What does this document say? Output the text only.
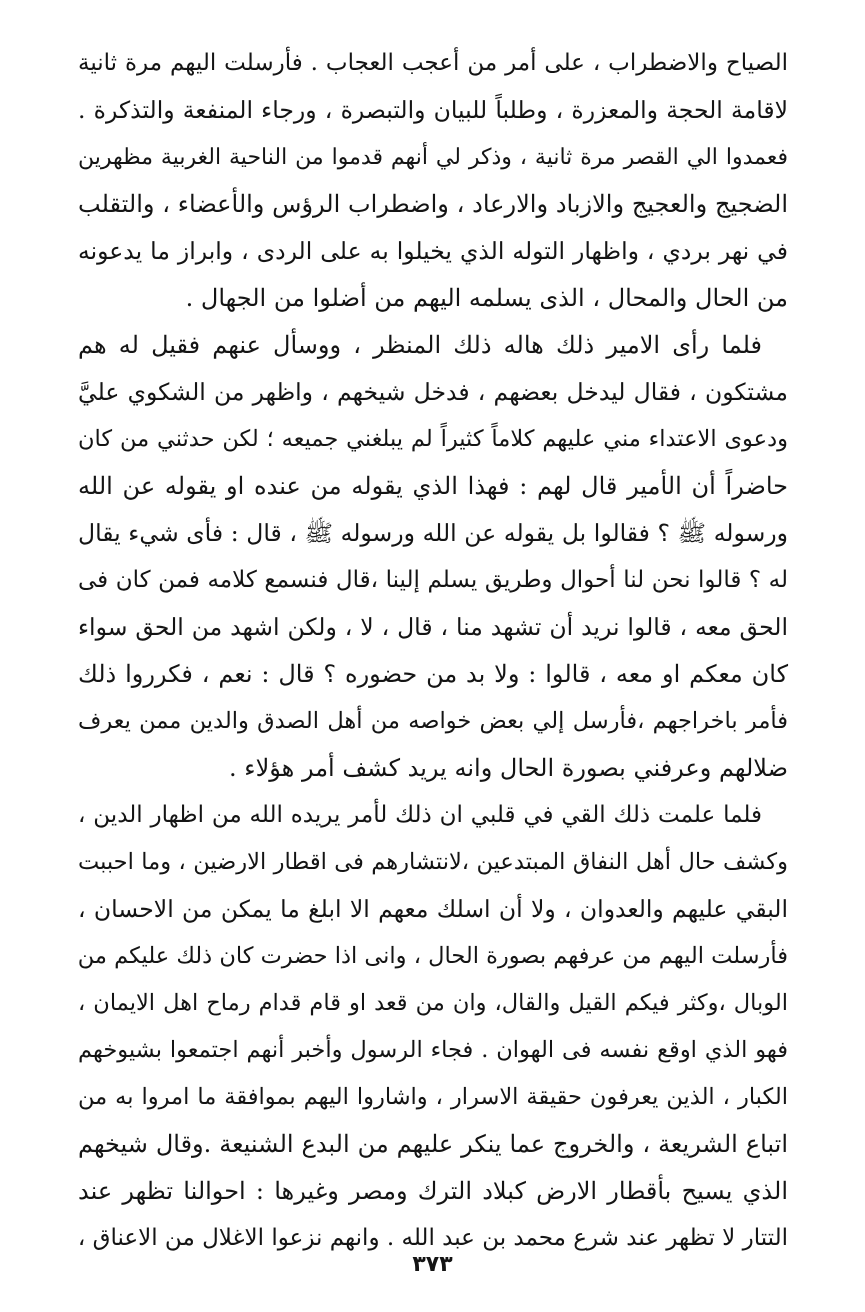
الصياح والاضطراب ، على أمر من أعجب العجاب . فأرسلت اليهم مرة ثانية
لاقامة الحجة والمعزرة ، وطلباً للبيان والتبصرة ، ورجاء المنفعة والتذكرة .
فعمدوا الي القصر مرة ثانية ، وذكر لي أنهم قدموا من الناحية الغربية مظهرين
الضجيج والعجيج والازباد والارعاد ، واضطراب الرؤس والأعضاء ، والتقلب
في نهر بردي ، واظهار التوله الذي يخيلوا به على الردى ، وابراز ما يدعونه
من الحال والمحال ، الذى يسلمه اليهم من أضلوا من الجهال .
فلما رأى الامير ذلك هاله ذلك المنظر ، ووسأل عنهم فقيل له هم
مشتكون ، فقال ليدخل بعضهم ، فدخل شيخهم ، واظهر من الشكوي عليَّ
ودعوى الاعتداء مني عليهم كلاماً كثيراً لم يبلغني جميعه ؛ لكن حدثني من كان
حاضراً أن الأمير قال لهم : فهذا الذي يقوله من عنده او يقوله عن الله
ورسوله ﷺ ؟ فقالوا بل يقوله عن الله ورسوله ﷺ ، قال : فأى شيء يقال
له ؟ قالوا نحن لنا أحوال وطريق يسلم إلينا ،قال فنسمع كلامه فمن كان فى
الحق معه ، قالوا نريد أن تشهد منا ، قال ، لا ، ولكن اشهد من الحق سواء
كان معكم او معه ، قالوا : ولا بد من حضوره ؟ قال : نعم ، فكرروا ذلك
فأمر باخراجهم ،فأرسل إلي بعض خواصه من أهل الصدق والدين ممن يعرف
ضلالهم وعرفني بصورة الحال وانه يريد كشف أمر هؤلاء .
فلما علمت ذلك القي في قلبي ان ذلك لأمر يريده الله من اظهار الدين ،
وكشف حال أهل النفاق المبتدعين ،لانتشارهم فى اقطار الارضين ، وما احببت
البقي عليهم والعدوان ، ولا أن اسلك معهم الا ابلغ ما يمكن من الاحسان ،
فأرسلت اليهم من عرفهم بصورة الحال ، وانى اذا حضرت كان ذلك عليكم من
الوبال ،وكثر فيكم القيل والقال، وان من قعد او قام قدام رماح اهل الايمان ،
فهو الذي اوقع نفسه فى الهوان . فجاء الرسول وأخبر أنهم اجتمعوا بشيوخهم
الكبار ، الذين يعرفون حقيقة الاسرار ، واشاروا اليهم بموافقة ما امروا به من
اتباع الشريعة ، والخروج عما ينكر عليهم من البدع الشنيعة .وقال شيخهم
الذي يسيح بأقطار الارض كبلاد الترك ومصر وغيرها : احوالنا تظهر عند
التتار لا تظهر عند شرع محمد بن عبد الله . وانهم نزعوا الاغلال من الاعناق ،
٣٧٣
